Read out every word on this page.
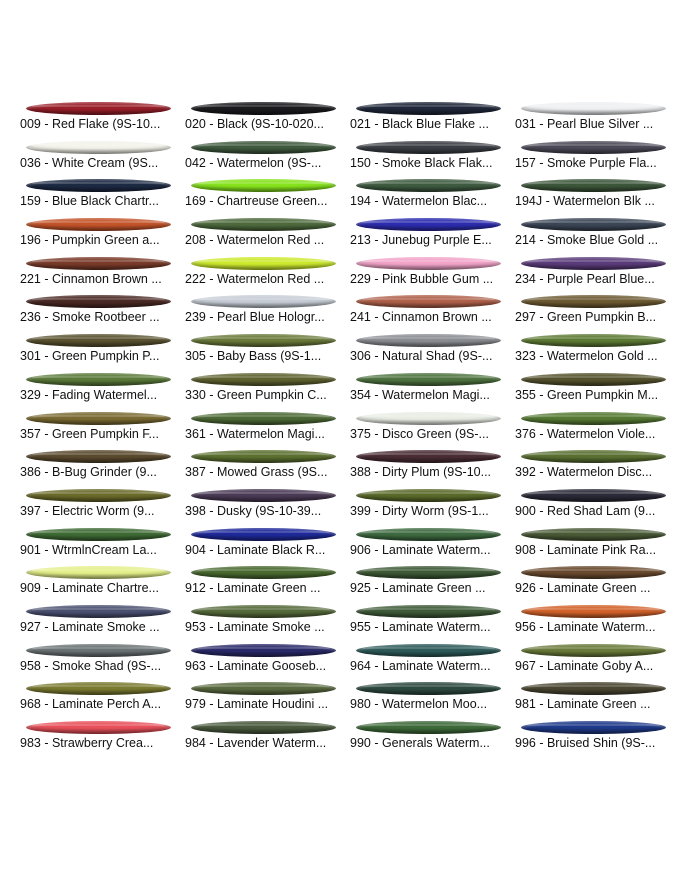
009 - Red Flake (9S-10...	020 - Black (9S-10-020...	021 - Black Blue Flake ...	031 - Pearl Blue Silver ...
036 - White Cream (9S...	042 - Watermelon (9S-...	150 - Smoke Black Flak...	157 - Smoke Purple Fla...
159 - Blue Black Chartr...	169 - Chartreuse Green...	194 - Watermelon Blac...	194J - Watermelon Blk ...
196 - Pumpkin Green a...	208 - Watermelon Red ...	213 - Junebug Purple E...	214 - Smoke Blue Gold ...
221 - Cinnamon Brown ...	222 - Watermelon Red ...	229 - Pink Bubble Gum ...	234 - Purple Pearl Blue...
236 - Smoke Rootbeer ...	239 - Pearl Blue Hologr...	241 - Cinnamon Brown ...	297 - Green Pumpkin B...
301 - Green Pumpkin P...	305 - Baby Bass (9S-1...	306 - Natural Shad (9S-...	323 - Watermelon Gold ...
329 - Fading Watermel...	330 - Green Pumpkin C...	354 - Watermelon Magi...	355 - Green Pumpkin M...
357 - Green Pumpkin F...	361 - Watermelon Magi...	375 - Disco Green (9S-...	376 - Watermelon Viole...
386 - B-Bug Grinder (9...	387 - Mowed Grass (9S...	388 - Dirty Plum (9S-10...	392 - Watermelon Disc...
397 - Electric Worm (9...	398 - Dusky (9S-10-39...	399 - Dirty Worm (9S-1...	900 - Red Shad Lam (9...
901 - WtrmlnCream La...	904 - Laminate Black R...	906 - Laminate Waterm...	908 - Laminate Pink Ra...
909 - Laminate Chartre...	912 - Laminate Green ...	925 - Laminate Green ...	926 - Laminate Green ...
927 - Laminate Smoke ...	953 - Laminate Smoke ...	955 - Laminate Waterm...	956 - Laminate Waterm...
958 - Smoke Shad (9S-...	963 - Laminate Gooseb...	964 - Laminate Waterm...	967 - Laminate Goby A...
968 - Laminate Perch A...	979 - Laminate Houdini ...	980 - Watermelon Moo...	981 - Laminate Green ...
983 - Strawberry Crea...	984 - Lavender Waterm...	990 - Generals Waterm...	996 - Bruised Shin (9S-...
